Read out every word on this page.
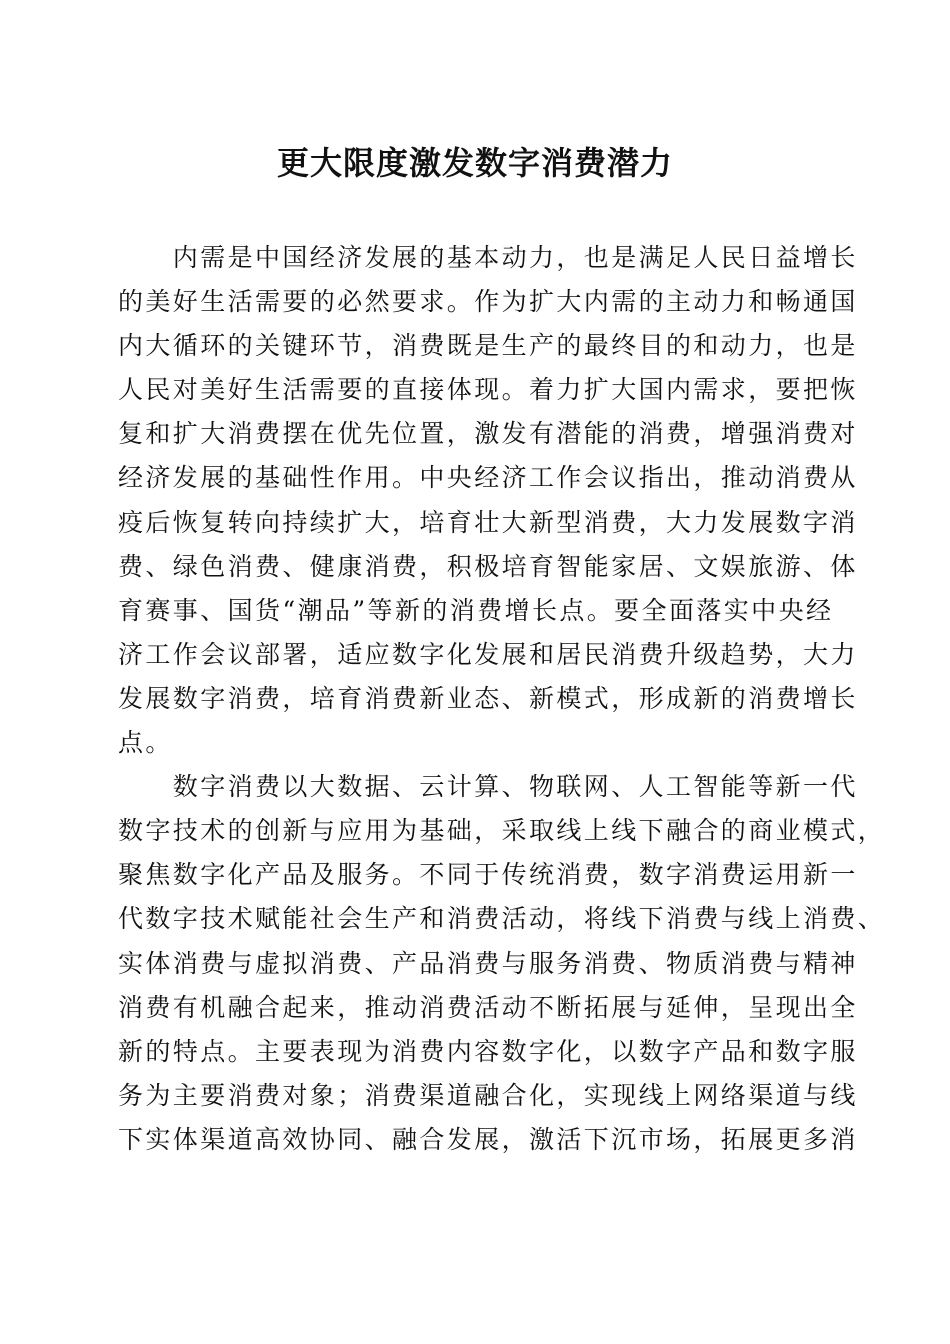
更大限度激发数字消费潜力
内需是中国经济发展的基本动力，也是满足人民日益增长
的美好生活需要的必然要求。作为扩大内需的主动力和畅通国
内大循环的关键环节，消费既是生产的最终目的和动力，也是
人民对美好生活需要的直接体现。着力扩大国内需求，要把恢
复和扩大消费摆在优先位置，激发有潜能的消费，增强消费对
经济发展的基础性作用。中央经济工作会议指出，推动消费从
疫后恢复转向持续扩大，培育壮大新型消费，大力发展数字消
费、绿色消费、健康消费，积极培育智能家居、文娱旅游、体
育赛事、国货“潮品”等新的消费增长点。要全面落实中央经
济工作会议部署，适应数字化发展和居民消费升级趋势，大力
发展数字消费，培育消费新业态、新模式，形成新的消费增长
点。
数字消费以大数据、云计算、物联网、人工智能等新一代
数字技术的创新与应用为基础，采取线上线下融合的商业模式，
聚焦数字化产品及服务。不同于传统消费，数字消费运用新一
代数字技术赋能社会生产和消费活动，将线下消费与线上消费、
实体消费与虚拟消费、产品消费与服务消费、物质消费与精神
消费有机融合起来，推动消费活动不断拓展与延伸，呈现出全
新的特点。主要表现为消费内容数字化，以数字产品和数字服
务为主要消费对象；消费渠道融合化，实现线上网络渠道与线
下实体渠道高效协同、融合发展，激活下沉市场，拓展更多消
